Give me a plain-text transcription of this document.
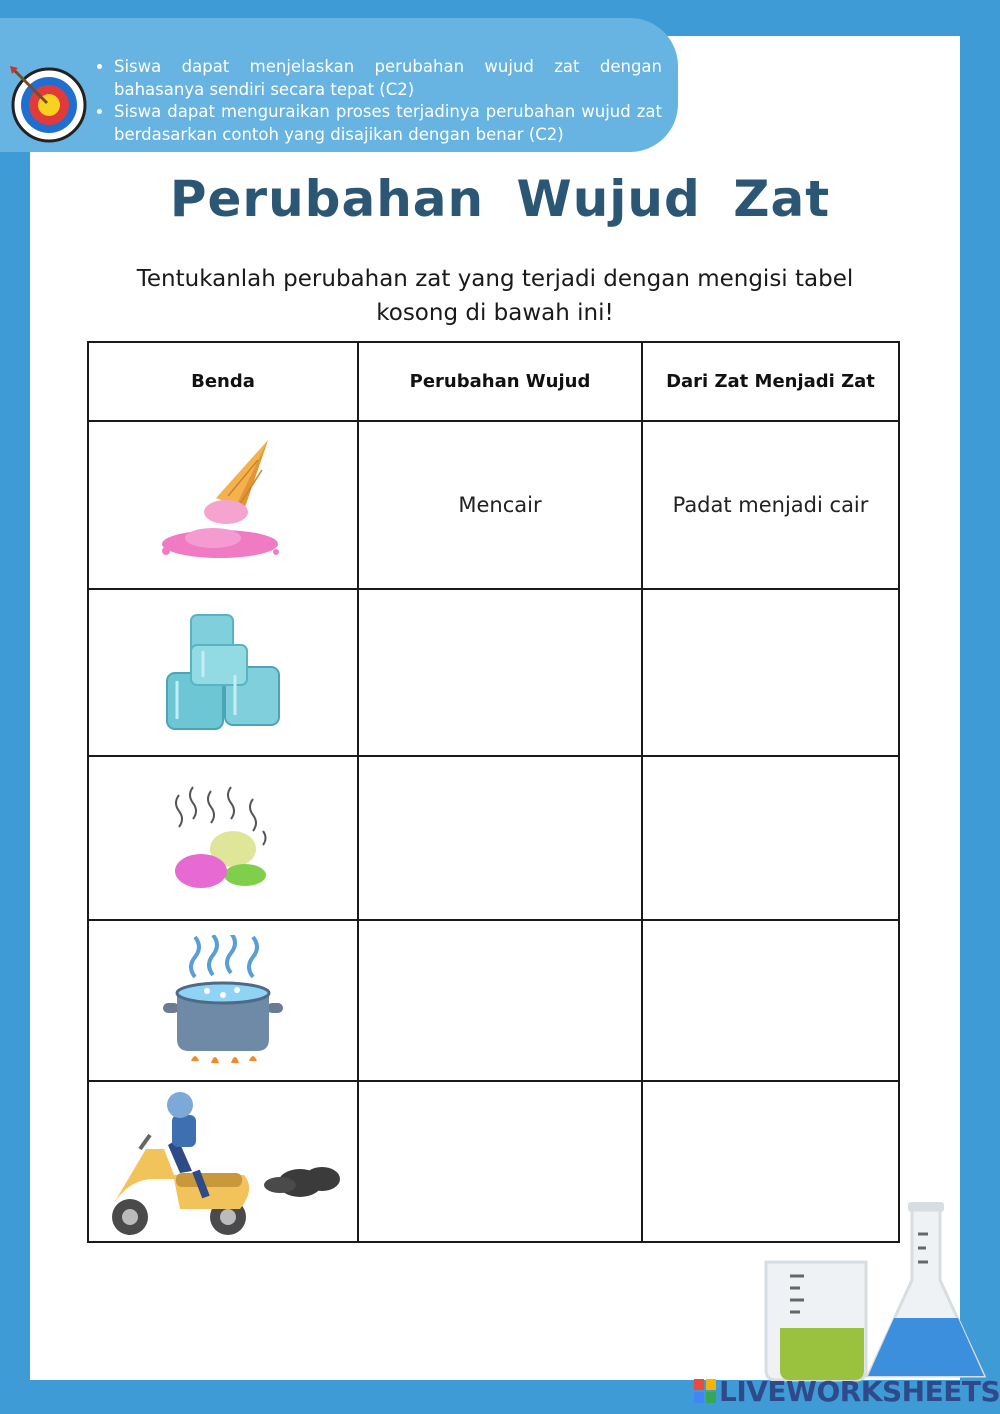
• Siswa dapat menjelaskan perubahan wujud zat dengan bahasanya sendiri secara tepat (C2)
• Siswa dapat menguraikan proses terjadinya perubahan wujud zat berdasarkan contoh yang disajikan dengan benar (C2)
Perubahan Wujud Zat
Tentukanlah perubahan zat yang terjadi dengan mengisi tabel kosong di bawah ini!
Benda	Perubahan Wujud	Dari Zat Menjadi Zat

	Mencair	Padat menjadi cair

LIVEWORKSHEETS
